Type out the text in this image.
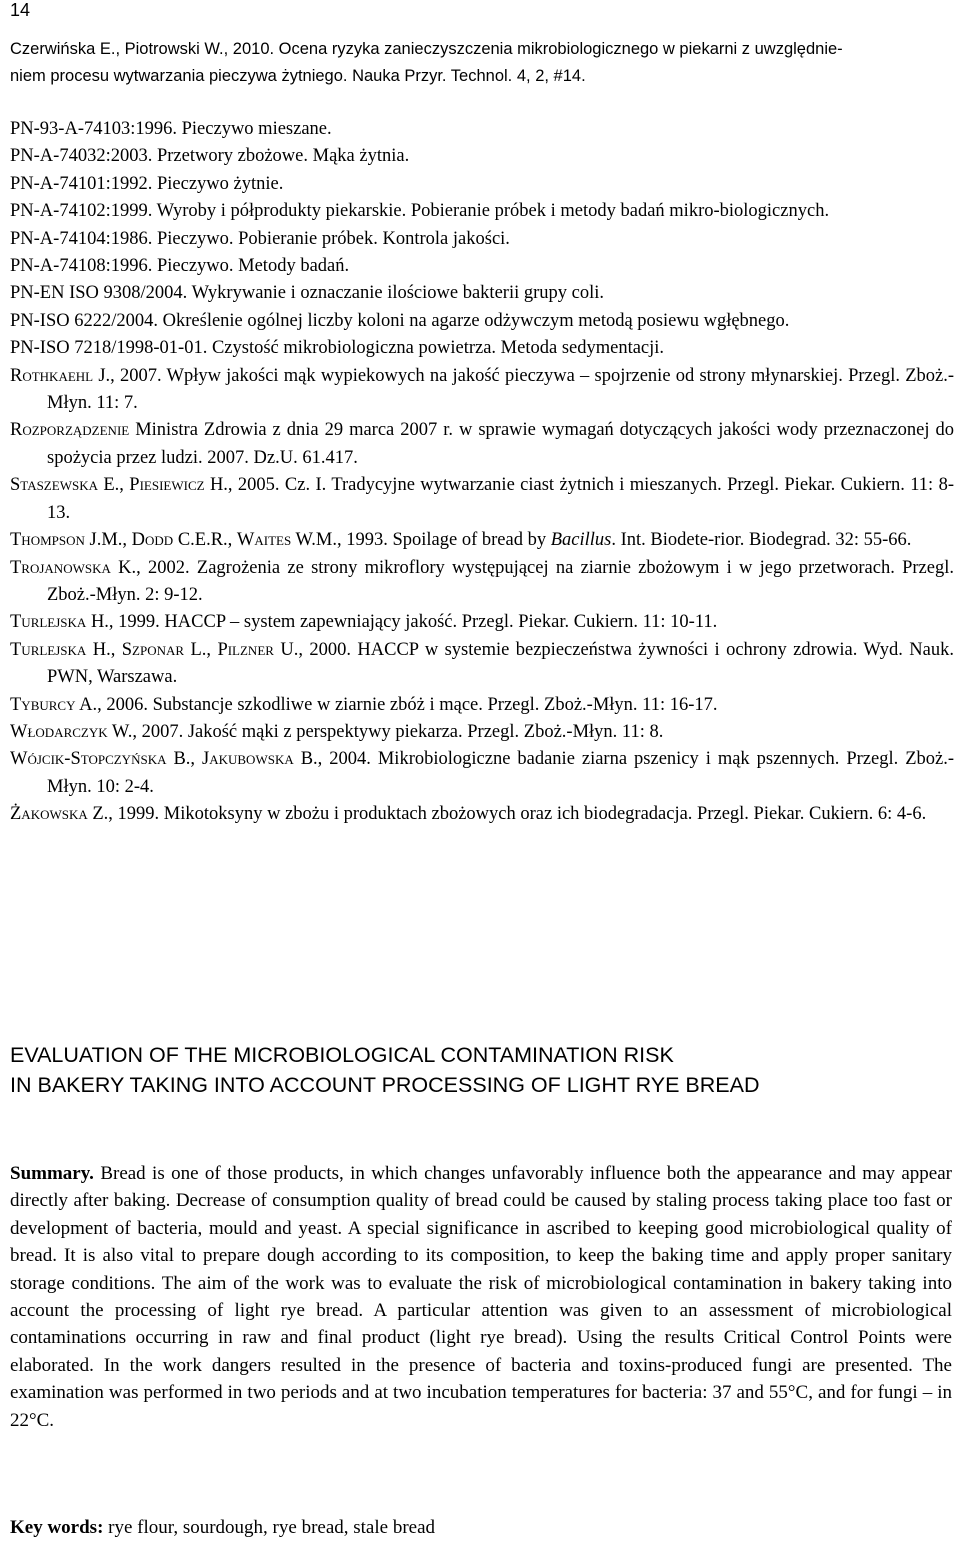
14
Czerwińska E., Piotrowski W., 2010. Ocena ryzyka zanieczyszczenia mikrobiologicznego w piekarni z uwzględnie-
niem procesu wytwarzania pieczywa żytniego. Nauka Przyr. Technol. 4, 2, #14.
PN-93-A-74103:1996. Pieczywo mieszane.
PN-A-74032:2003. Przetwory zbożowe. Mąka żytnia.
PN-A-74101:1992. Pieczywo żytnie.
PN-A-74102:1999. Wyroby i półprodukty piekarskie. Pobieranie próbek i metody badań mikro-biologicznych.
PN-A-74104:1986. Pieczywo. Pobieranie próbek. Kontrola jakości.
PN-A-74108:1996. Pieczywo. Metody badań.
PN-EN ISO 9308/2004. Wykrywanie i oznaczanie ilościowe bakterii grupy coli.
PN-ISO 6222/2004. Określenie ogólnej liczby koloni na agarze odżywczym metodą posiewu wgłębnego.
PN-ISO 7218/1998-01-01. Czystość mikrobiologiczna powietrza. Metoda sedymentacji.
Rothkaehl J., 2007. Wpływ jakości mąk wypiekowych na jakość pieczywa – spojrzenie od strony młynarskiej. Przegl. Zboż.-Młyn. 11: 7.
Rozporządzenie Ministra Zdrowia z dnia 29 marca 2007 r. w sprawie wymagań dotyczących jakości wody przeznaczonej do spożycia przez ludzi. 2007. Dz.U. 61.417.
Staszewska E., Piesiewicz H., 2005. Cz. I. Tradycyjne wytwarzanie ciast żytnich i mieszanych. Przegl. Piekar. Cukiern. 11: 8-13.
Thompson J.M., Dodd C.E.R., Waites W.M., 1993. Spoilage of bread by Bacillus. Int. Biodete-rior. Biodegrad. 32: 55-66.
Trojanowska K., 2002. Zagrożenia ze strony mikroflory występującej na ziarnie zbożowym i w jego przetworach. Przegl. Zboż.-Młyn. 2: 9-12.
Turlejska H., 1999. HACCP – system zapewniający jakość. Przegl. Piekar. Cukiern. 11: 10-11.
Turlejska H., Szponar L., Pilzner U., 2000. HACCP w systemie bezpieczeństwa żywności i ochrony zdrowia. Wyd. Nauk. PWN, Warszawa.
Tyburcy A., 2006. Substancje szkodliwe w ziarnie zbóż i mące. Przegl. Zboż.-Młyn. 11: 16-17.
Włodarczyk W., 2007. Jakość mąki z perspektywy piekarza. Przegl. Zboż.-Młyn. 11: 8.
Wójcik-Stopczyńska B., Jakubowska B., 2004. Mikrobiologiczne badanie ziarna pszenicy i mąk pszennych. Przegl. Zboż.-Młyn. 10: 2-4.
Żakowska Z., 1999. Mikotoksyny w zbożu i produktach zbożowych oraz ich biodegradacja. Przegl. Piekar. Cukiern. 6: 4-6.
EVALUATION OF THE MICROBIOLOGICAL CONTAMINATION RISK
IN BAKERY TAKING INTO ACCOUNT PROCESSING OF LIGHT RYE BREAD
Summary. Bread is one of those products, in which changes unfavorably influence both the appearance and may appear directly after baking. Decrease of consumption quality of bread could be caused by staling process taking place too fast or development of bacteria, mould and yeast. A special significance in ascribed to keeping good microbiological quality of bread. It is also vital to prepare dough according to its composition, to keep the baking time and apply proper sanitary storage conditions. The aim of the work was to evaluate the risk of microbiological contamination in bakery taking into account the processing of light rye bread. A particular attention was given to an assessment of microbiological contaminations occurring in raw and final product (light rye bread). Using the results Critical Control Points were elaborated. In the work dangers resulted in the presence of bacteria and toxins-produced fungi are presented. The examination was performed in two periods and at two incubation temperatures for bacteria: 37 and 55°C, and for fungi – in 22°C.
Key words: rye flour, sourdough, rye bread, stale bread
